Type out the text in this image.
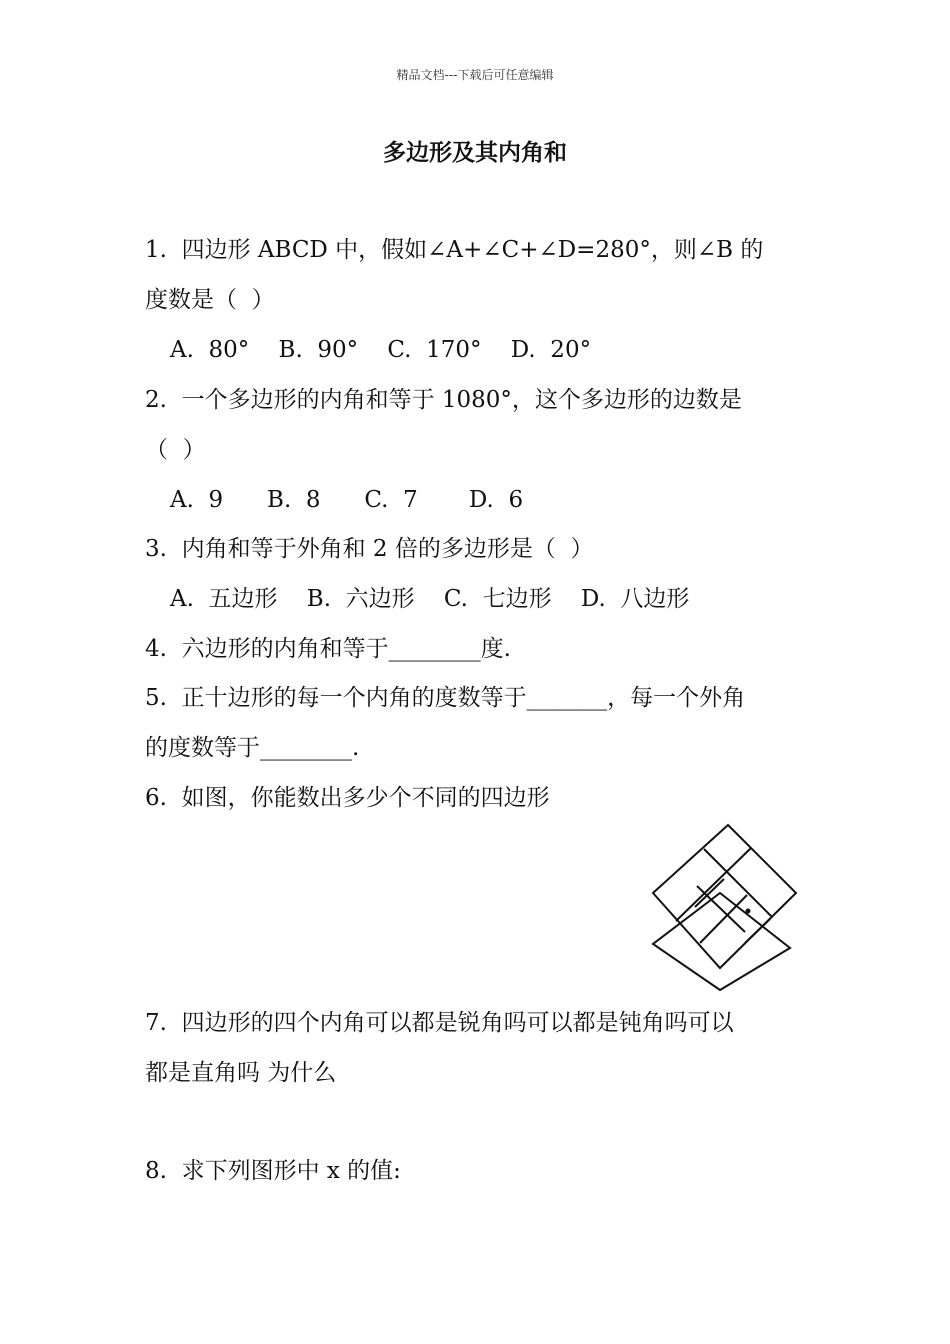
精品文档---下载后可任意编辑
多边形及其内角和
1.  四边形 ABCD 中，假如∠A+∠C+∠D=280°，则∠B 的
度数是（  ）
A.  80°    B.  90°    C.  170°    D.  20°
2.  一个多边形的内角和等于 1080°，这个多边形的边数是
（  ）
A.  9      B.  8      C.  7       D.  6
3.  内角和等于外角和 2 倍的多边形是（  ）
A.  五边形    B.  六边形    C.  七边形    D.  八边形
4.  六边形的内角和等于________度.
5.  正十边形的每一个内角的度数等于_______，每一个外角
的度数等于________.
6.  如图，你能数出多少个不同的四边形
7.  四边形的四个内角可以都是锐角吗可以都是钝角吗可以
都是直角吗 为什么
8.  求下列图形中 x 的值:
